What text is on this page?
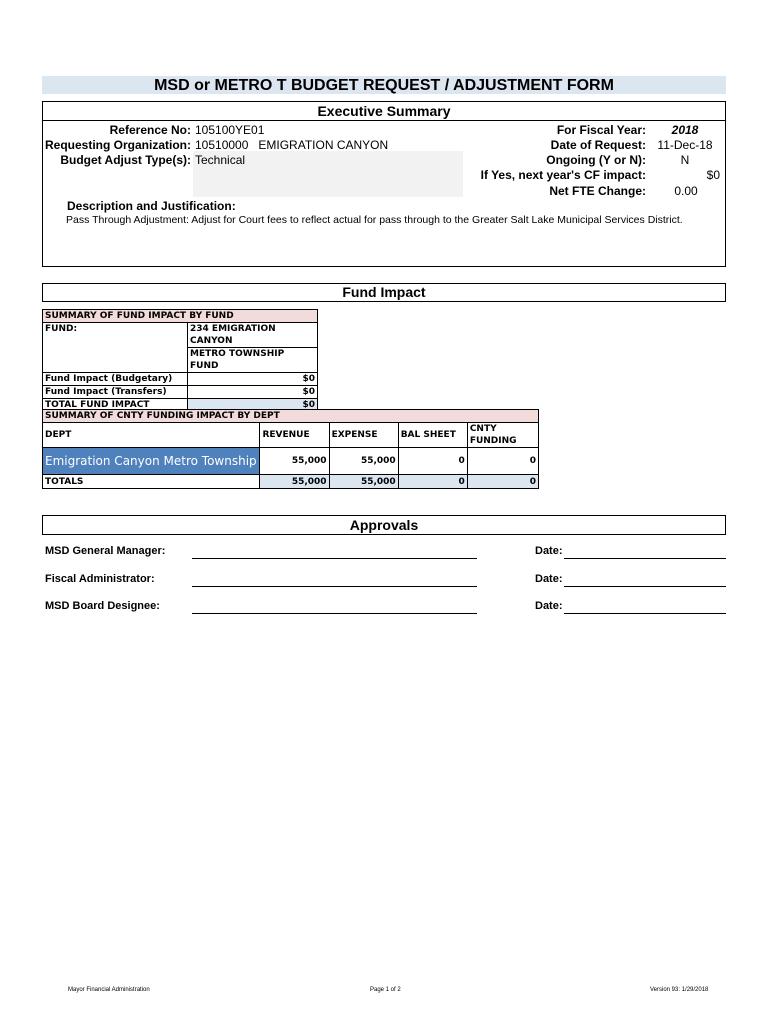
MSD or METRO T BUDGET REQUEST / ADJUSTMENT FORM
Executive Summary
Reference No: 105100YE01
Requesting Organization: 10510000   EMIGRATION CANYON
Budget Adjust Type(s): Technical
For Fiscal Year:	2018
Date of Request: 11-Dec-18
Ongoing (Y or N):	N
If Yes, next year's CF impact:	$0
Net FTE Change:	0.00
Description and Justification:
Pass Through Adjustment: Adjust for Court fees to reflect actual for pass through to the Greater Salt Lake Municipal Services District.
Fund Impact
SUMMARY OF FUND IMPACT BY FUND	
FUND:	234 EMIGRATION CANYON
	METRO TOWNSHIP FUND
Fund Impact (Budgetary)	$0
Fund Impact (Transfers)	$0
TOTAL FUND IMPACT	$0
SUMMARY OF CNTY FUNDING IMPACT BY DEPT				
DEPT	REVENUE	EXPENSE	BAL SHEET	CNTY FUNDING
Emigration Canyon Metro Township	55,000	55,000	0	0
TOTALS	55,000	55,000	0	0
Approvals
MSD General Manager:	Date:
Fiscal Administrator:	Date:
MSD Board Designee:	Date:
Mayor Financial Administration	Page 1 of 2	Version 93: 1/29/2018
